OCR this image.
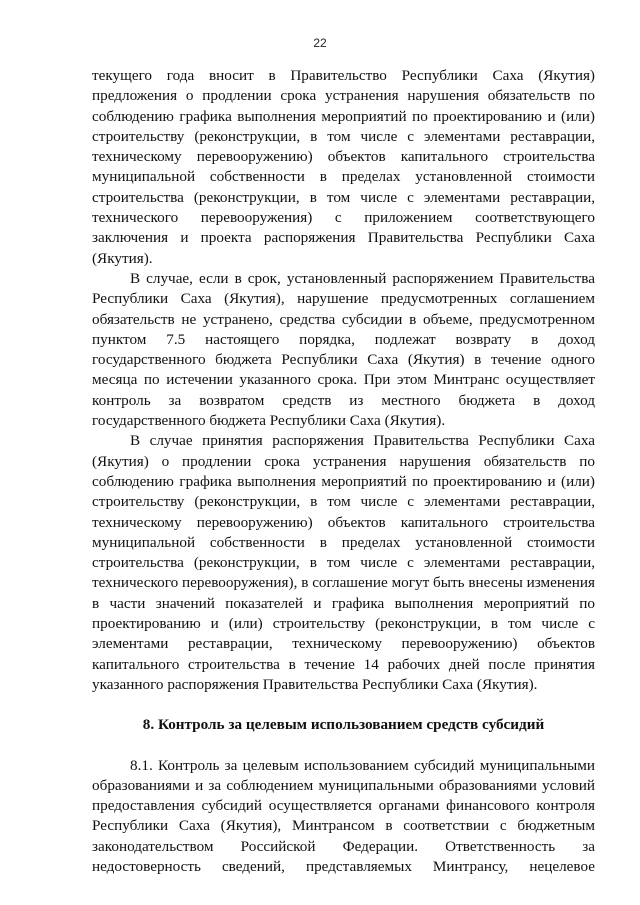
22

текущего года вносит в Правительство Республики Саха (Якутия) предложения о продлении срока устранения нарушения обязательств по соблюдению графика выполнения мероприятий по проектированию и (или) строительству (реконструкции, в том числе с элементами реставрации, техническому перевооружению) объектов капитального строительства муниципальной собственности в пределах установленной стоимости строительства (реконструкции, в том числе с элементами реставрации, технического перевооружения) с приложением соответствующего заключения и проекта распоряжения Правительства Республики Саха (Якутия).

В случае, если в срок, установленный распоряжением Правительства Республики Саха (Якутия), нарушение предусмотренных соглашением обязательств не устранено, средства субсидии в объеме, предусмотренном пунктом 7.5 настоящего порядка, подлежат возврату в доход государственного бюджета Республики Саха (Якутия) в течение одного месяца по истечении указанного срока. При этом Минтранс осуществляет контроль за возвратом средств из местного бюджета в доход государственного бюджета Республики Саха (Якутия).

В случае принятия распоряжения Правительства Республики Саха (Якутия) о продлении срока устранения нарушения обязательств по соблюдению графика выполнения мероприятий по проектированию и (или) строительству (реконструкции, в том числе с элементами реставрации, техническому перевооружению) объектов капитального строительства муниципальной собственности в пределах установленной стоимости строительства (реконструкции, в том числе с элементами реставрации, технического перевооружения), в соглашение могут быть внесены изменения в части значений показателей и графика выполнения мероприятий по проектированию и (или) строительству (реконструкции, в том числе с элементами реставрации, техническому перевооружению) объектов капитального строительства в течение 14 рабочих дней после принятия указанного распоряжения Правительства Республики Саха (Якутия).

8. Контроль за целевым использованием средств субсидий

8.1. Контроль за целевым использованием субсидий муниципальными образованиями и за соблюдением муниципальными образованиями условий предоставления субсидий осуществляется органами финансового контроля Республики Саха (Якутия), Минтрансом в соответствии с бюджетным законодательством Российской Федерации. Ответственность за недостоверность сведений, представляемых Минтрансу, нецелевое
